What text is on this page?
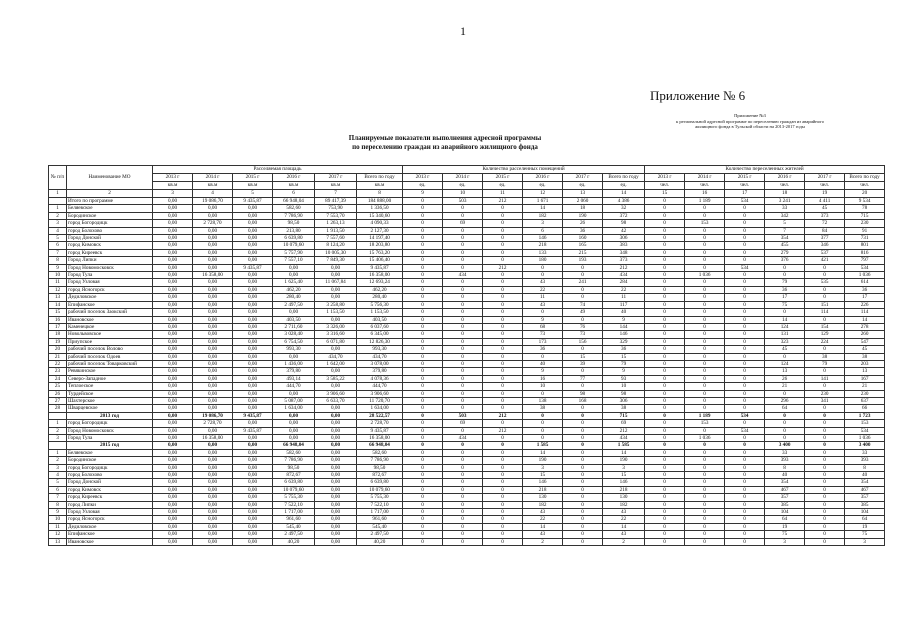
1
Приложение № 6
Приложение №3
к региональной адресной программе по переселению граждан из аварийного
жилищного фонда в Тульской области на 2013-2017 годы
Планируемые показатели выполнения адресной программы
по переселению граждан из аварийного жилищного фонда
№ п/п	Наименование МО	Расселяемая площадь						Количество расселенных помещений						Количество переселенных жителей					
		2013 г	2014 г	2015 г	2016 г	2017 г	Всего по году	2013 г	2014 г	2015 г	2016 г	2017 г	Всего по году	2013 г	2014 г	2015 г	2016 г	2017 г	Всего по году
		кв.м	кв.м	кв.м	кв.м	кв.м	кв.м	ед.	ед.	ед.	ед.	ед.	ед.	чел.	чел.	чел.	чел.	чел.	чел.
1	2	3	4	5	6	7	8	9	10	11	12	13	14	15	16	17	18	19	20
	Итого по программе	0,00	19 086,70	9 435,87	66 948,04	89 417,39	184 888,00	0	503	212	1 671	2 060	4 386	0	1 189	534	3 241	4 411	9 534
1	Беляевское	0,00	0,00	0,00	582,60	753,90	1 336,50	0	0	0	14	18	32	0	0	0	33	45	78
2	Бородинское	0,00	0,00	0,00	7 786,90	7 553,70	15 340,60	0	0	0	182	190	372	0	0	0	342	373	715
3	город Богородицк	0,00	2 728,70	0,00	98,50	1 263,13	4 090,33	0	69	0	3	26	98	0	153	0	5	72	230
4	город Болохово	0,00	0,00	0,00	213,80	1 913,50	2 127,30	0	0	0	6	36	42	0	0	0	7	84	91
5	Город Донской	0,00	0,00	0,00	6 639,80	7 557,60	14 197,40	0	0	0	146	160	306	0	0	0	354	377	731
6	город Кимовск	0,00	0,00	0,00	10 079,60	8 124,20	18 203,80	0	0	0	218	165	383	0	0	0	455	346	801
7	город Киреевск	0,00	0,00	0,00	5 757,90	10 005,30	15 763,20	0	0	0	133	215	348	0	0	0	279	537	816
8	Город Липки	0,00	0,00	0,00	7 557,10	7 849,30	15 406,40	0	0	0	180	193	373	0	0	0	376	421	797
9	Город Новомосковск	0,00	0,00	9 435,87	0,00	0,00	9 435,87	0	0	212	0	0	212	0	0	534	0	0	534
10	Город Тула	0,00	16 358,00	0,00	0,00	0,00	16 358,00	0	434	0	0	0	434	0	1 036	0	0	0	1 036
11	Город Узловая	0,00	0,00	0,00	1 625,40	11 067,84	12 693,24	0	0	0	43	241	284	0	0	0	79	535	614
12	город Ясногорск	0,00	0,00	0,00	462,20	0,00	462,20	0	0	0	22	0	22	0	0	0	36	0	36
13	Дедиловское	0,00	0,00	0,00	280,40	0,00	280,40	0	0	0	11	0	11	0	0	0	17	0	17
14	Епифанское	0,00	0,00	0,00	2 497,50	3 258,80	5 756,30	0	0	0	43	74	117	0	0	0	75	151	226
15	рабочий поселок Заокский	0,00	0,00	0,00	0,00	1 153,50	1 153,50	0	0	0	0	49	40	0	0	0	0	114	114
16	Ивановское	0,00	0,00	0,00	403,50	0,00	403,50	0	0	0	9	0	9	0	0	0	14	0	14
17	Каменецкое	0,00	0,00	0,00	2 711,60	3 326,00	6 037,60	0	0	0	68	76	144	0	0	0	124	154	278
18	Новольвовское	0,00	0,00	0,00	3 028,40	3 316,60	6 345,00	0	0	0	73	73	146	0	0	0	131	129	260
19	Приупское	0,00	0,00	0,00	6 754,50	6 071,80	12 826,30	0	0	0	173	156	329	0	0	0	323	224	547
20	рабочий поселок Волово	0,00	0,00	0,00	993,30	0,00	993,30	0	0	0	36	0	36	0	0	0	45	0	45
21	рабочий поселок Одоев	0,00	0,00	0,00	0,00	434,70	434,70	0	0	0	0	15	15	0	0	0	0	38	38
22	рабочий поселок Товарковский	0,00	0,00	0,00	1 436,00	1 642,00	3 078,00	0	0	0	40	39	79	0	0	0	124	79	203
23	Ревякинское	0,00	0,00	0,00	379,80	0,00	379,80	0	0	0	9	0	9	0	0	0	13	0	13
24	Северо-Западное	0,00	0,00	0,00	493,14	3 585,22	4 078,36	0	0	0	16	77	93	0	0	0	26	141	167
25	Теплоеское	0,00	0,00	0,00	444,70	0,00	444,70	0	0	0	10	0	10	0	0	0	21	0	21
26	Турдейское	0,00	0,00	0,00	0,00	3 906,60	3 906,60	0	0	0	0	98	98	0	0	0	0	230	230
27	Шахтерское	0,00	0,00	0,00	5 087,00	6 633,70	11 720,70	0	0	0	138	168	306	0	0	0	296	341	637
28	Шварцевское	0,00	0,00	0,00	1 634,00	0,00	1 634,00	0	0	0	38	0	38	0	0	0	64	0	66
	2013 год	0,00	19 086,70	9 435,87	0,00	0,00	28 522,57	0	503	212	0	0	715	0	1 189	534	0	0	1 723
1	город Богородицк	0,00	2 728,70	0,00	0,00	0,00	2 728,70	0	69	0	0	0	69	0	153	0	0	0	153
2	Город Новомосковск	0,00	0,00	9 435,87	0,00	0,00	9 435,87	0	0	212	0	0	212	0	0	534	0	0	534
3	Город Тула	0,00	16 358,00	0,00	0,00	0,00	16 358,00	0	434	0	0	0	434	0	1 036	0	0	0	1 036
	2015 год	0,00	0,00	0,00	66 948,04	0,00	66 948,04	0	0	0	1 585	0	1 585	0	0	0	3 400	0	3 400
1	Беляевское	0,00	0,00	0,00	582,60	0,00	582,60	0	0	0	14	0	14	0	0	0	33	0	33
2	Бородинское	0,00	0,00	0,00	7 786,90	0,00	7 786,90	0	0	0	190	0	190	0	0	0	393	0	393
3	город Богородицк	0,00	0,00	0,00	98,50	0,00	98,50	0	0	0	3	0	3	0	0	0	8	0	8
4	город Болохово	0,00	0,00	0,00	872,67	0,00	872,67	0	0	0	15	0	15	0	0	0	40	0	40
5	Город Донской	0,00	0,00	0,00	6 639,80	0,00	6 639,80	0	0	0	146	0	146	0	0	0	354	0	354
6	город Кимовск	0,00	0,00	0,00	10 079,60	0,00	10 079,60	0	0	0	218	0	218	0	0	0	467	0	467
7	город Киреевск	0,00	0,00	0,00	5 755,30	0,00	5 755,30	0	0	0	130	0	130	0	0	0	357	0	357
8	город Липки	0,00	0,00	0,00	7 522,10	0,00	7 522,10	0	0	0	182	0	182	0	0	0	385	0	385
9	Город Узловая	0,00	0,00	0,00	1 717,00	0,00	1 717,00	0	0	0	43	0	43	0	0	0	104	0	104
10	город Ясногорск	0,00	0,00	0,00	961,60	0,00	961,60	0	0	0	22	0	22	0	0	0	64	0	64
11	Дедиловское	0,00	0,00	0,00	545,40	0,00	545,40	0	0	0	14	0	14	0	0	0	19	0	19
12	Епифанское	0,00	0,00	0,00	2 497,50	0,00	2 497,50	0	0	0	43	0	43	0	0	0	75	0	75
13	Ивановское	0,00	0,00	0,00	40,20	0,00	40,20	0	0	0	2	0	2	0	0	0	3	0	3
